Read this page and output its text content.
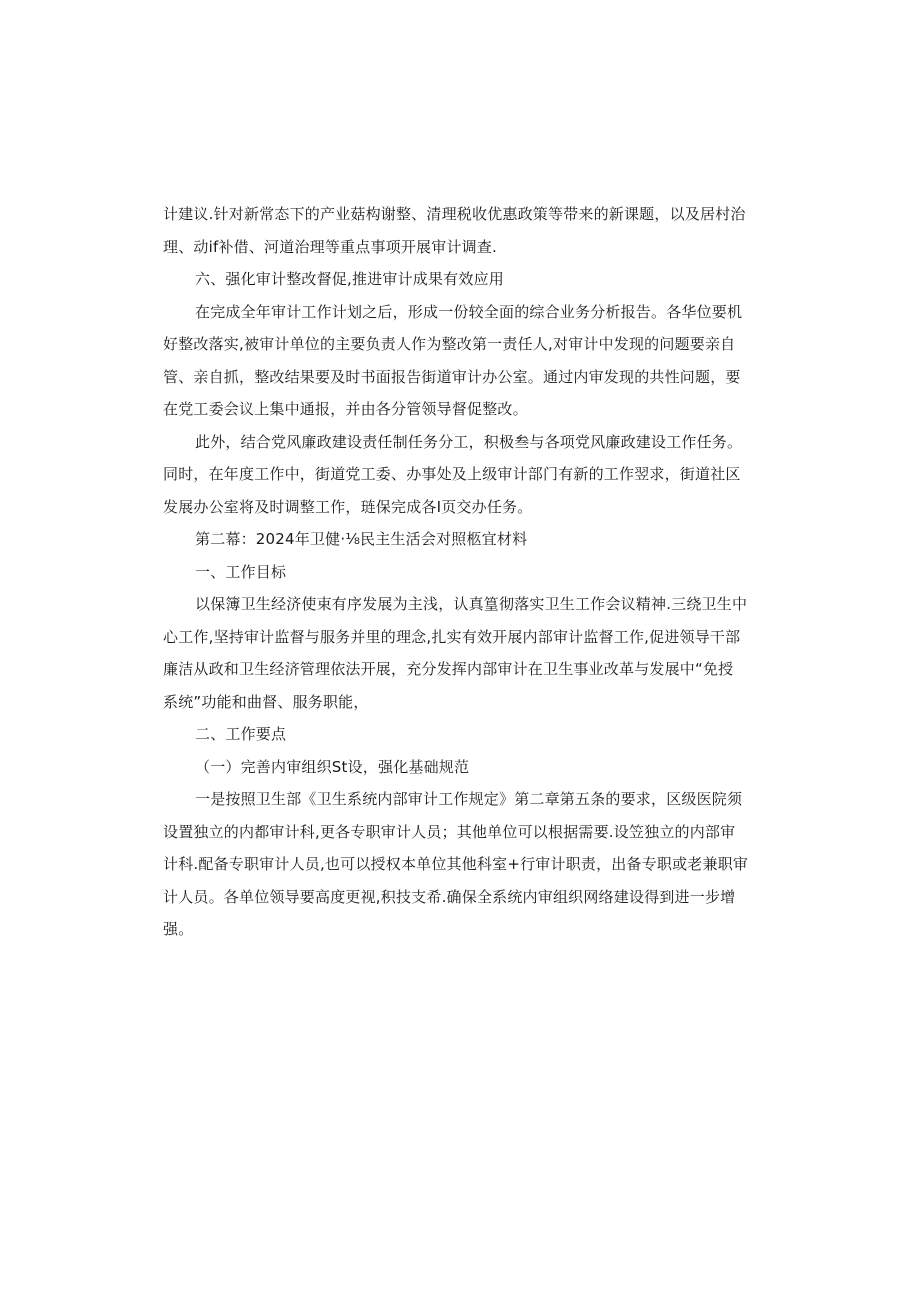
计建议.针对新常态下的产业菇构谢整、清理税收优惠政策等带来的新课题，以及居村治
理、动if补借、河道治理等重点事项开展审计调查.
六、强化审计整改督促,推进审计成果有效应用
在完成全年审计工作计划之后，形成一份较全面的综合业务分析报告。各华位要机
好整改落实,被审计单位的主要负责人作为整改第一责任人,对审计中发现的问题要亲自
管、亲自抓，整改结果要及时书面报告街道审计办公室。通过内审发现的共性问题，要
在党工委会议上集中通报，并由各分管领导督促整改。
此外，结合党风廉政建设责任制任务分工，积极叁与各项党风廉政建设工作任务。
同时，在年度工作中，街道党工委、办事处及上级审计部门有新的工作翌求，街道社区
发展办公室将及时调整工作，琏保完成各I页交办任务。
第二幕：2024年卫健·⅛民主生活会对照柩宜材料
一、工作目标
以保簿卫生经济使束有序发展为主浅，认真篁彻落实卫生工作会议精神.三绕卫生中
心工作,坚持审计监督与服务并里的理念,扎实有效开展内部审计监督工作,促进领导干部
廉洁从政和卫生经济管理依法开展，充分发挥内部审计在卫生事业改革与发展中“免授
系统”功能和曲督、服务职能，
二、工作要点
（一）完善内审组织St设，强化基础规范
一是按照卫生部《卫生系统内部审计工作规定》第二章第五条的要求，区级医院须
设置独立的内都审计科,更各专职审计人员；其他单位可以根据需要.设笠独立的内部审
计科.配备专职审计人员,也可以授权本单位其他科室+行审计职责，出备专职或老兼职审
计人员。各单位领导要高度更视,积技支希.确保全系统内审组织网络建设得到进一步增
强。
